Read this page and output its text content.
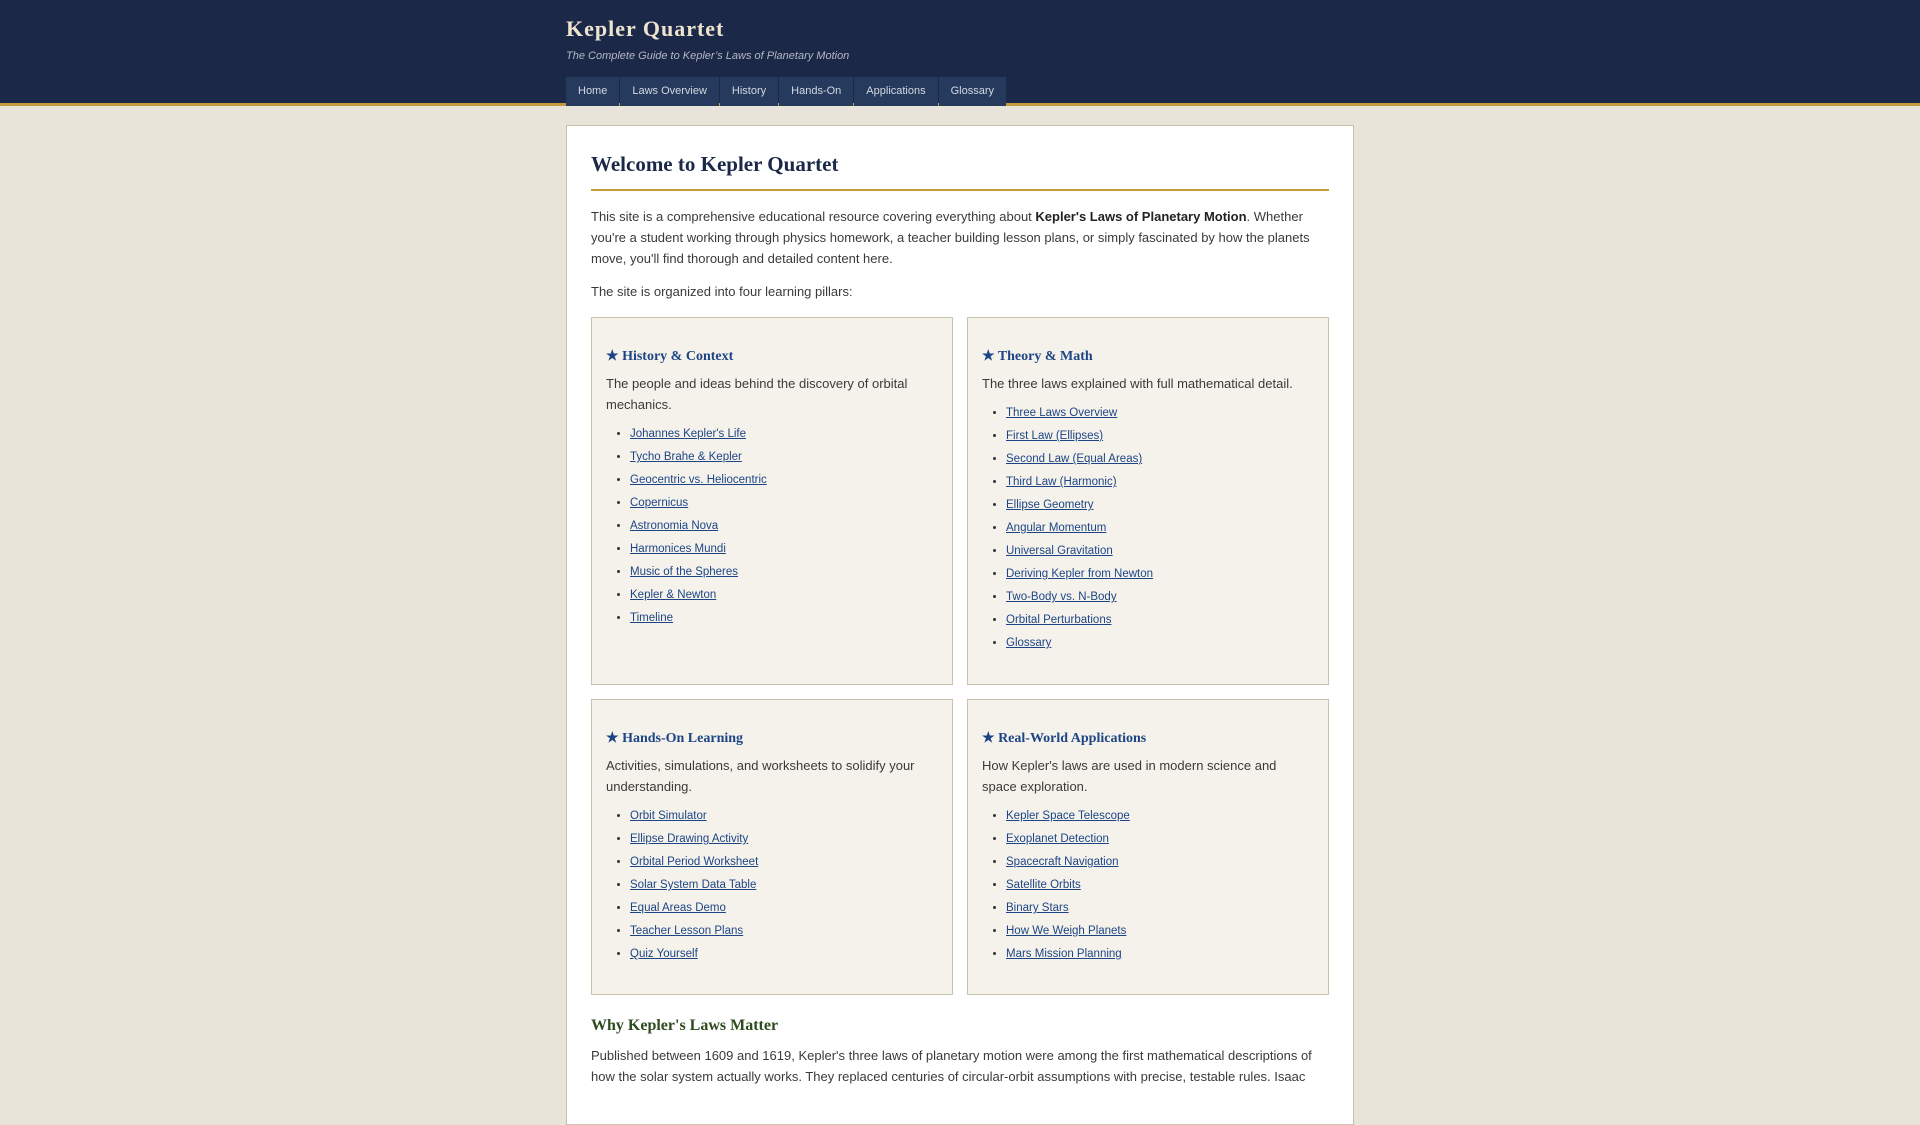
Kepler Quartet
The Complete Guide to Kepler’s Laws of Planetary Motion
Home	Laws Overview	History	Hands-On	Applications	Glossary
Welcome to Kepler Quartet

This site is a comprehensive educational resource covering everything about Kepler's Laws of Planetary Motion. Whether you're a student working through physics homework, a teacher building lesson plans, or simply fascinated by how the planets move, you'll find thorough and detailed content here.

The site is organized into four learning pillars:

★ History & Context

The people and ideas behind the discovery of orbital mechanics.

• Johannes Kepler's Life
• Tycho Brahe & Kepler
• Geocentric vs. Heliocentric
• Copernicus
• Astronomia Nova
• Harmonices Mundi
• Music of the Spheres
• Kepler & Newton
• Timeline
★ Theory & Math

The three laws explained with full mathematical detail.

• Three Laws Overview
• First Law (Ellipses)
• Second Law (Equal Areas)
• Third Law (Harmonic)
• Ellipse Geometry
• Angular Momentum
• Universal Gravitation
• Deriving Kepler from Newton
• Two-Body vs. N-Body
• Orbital Perturbations
• Glossary
★ Hands-On Learning

Activities, simulations, and worksheets to solidify your understanding.

• Orbit Simulator
• Ellipse Drawing Activity
• Orbital Period Worksheet
• Solar System Data Table
• Equal Areas Demo
• Teacher Lesson Plans
• Quiz Yourself
★ Real-World Applications

How Kepler's laws are used in modern science and space exploration.

• Kepler Space Telescope
• Exoplanet Detection
• Spacecraft Navigation
• Satellite Orbits
• Binary Stars
• How We Weigh Planets
• Mars Mission Planning
Why Kepler's Laws Matter

Published between 1609 and 1619, Kepler's three laws of planetary motion were among the first mathematical descriptions of how the solar system actually works. They replaced centuries of circular-orbit assumptions with precise, testable rules. Isaac
